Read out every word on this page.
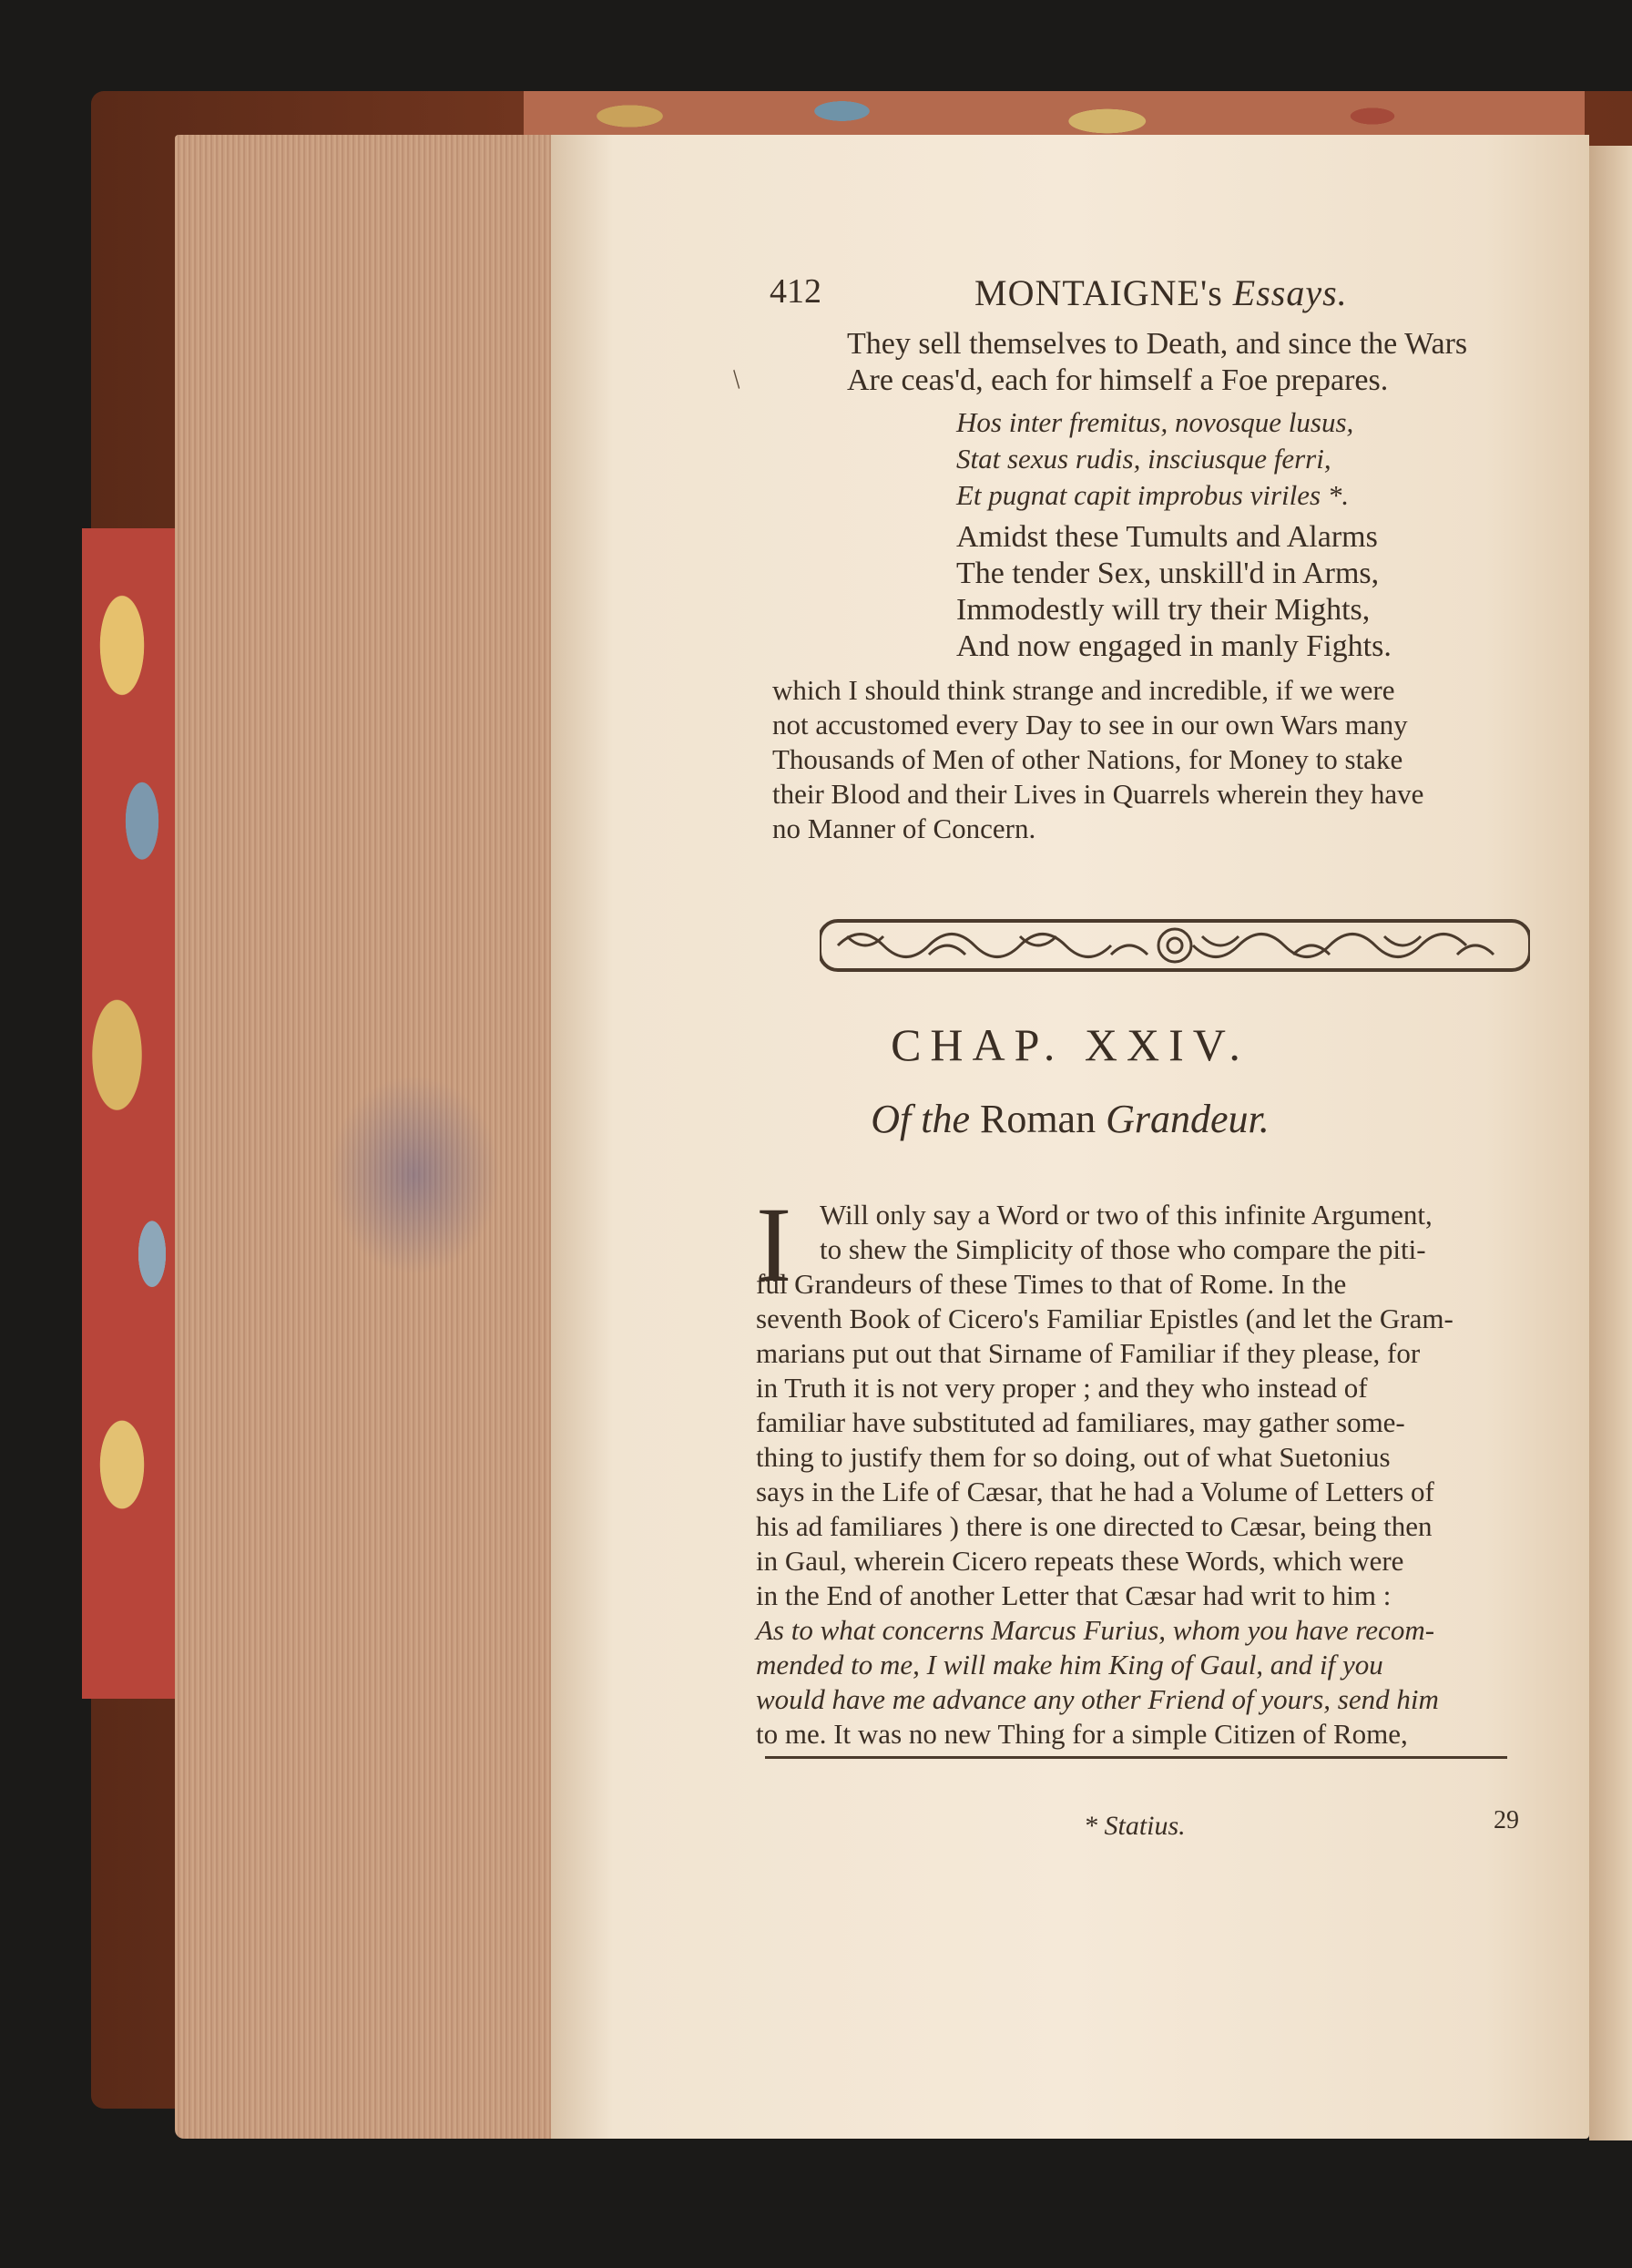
412	MONTAIGNE's Essays.
/
They sell themselves to Death, and since the Wars
Are ceas'd, each for himself a Foe prepares.
Hos inter fremitus, novosque lusus,
Stat sexus rudis, insciusque ferri,
Et pugnat capit improbus viriles *.
Amidst these Tumults and Alarms
The tender Sex, unskill'd in Arms,
Immodestly will try their Mights,
And now engaged in manly Fights.
which I should think strange and incredible, if we were
not accustomed every Day to see in our own Wars many
Thousands of Men of other Nations, for Money to stake
their Blood and their Lives in Quarrels wherein they have
no Manner of Concern.
CHAP. XXIV.
Of the Roman Grandeur.
I Will only say a Word or two of this infinite Argument,
to shew the Simplicity of those who compare the piti-
ful Grandeurs of these Times to that of Rome. In the
seventh Book of Cicero's Familiar Epistles (and let the Gram-
marians put out that Sirname of Familiar if they please, for
in Truth it is not very proper ; and they who instead of
familiar have substituted ad familiares, may gather some-
thing to justify them for so doing, out of what Suetonius
says in the Life of Cæsar, that he had a Volume of Letters of
his ad familiares ) there is one directed to Cæsar, being then
in Gaul, wherein Cicero repeats these Words, which were
in the End of another Letter that Cæsar had writ to him :
As to what concerns Marcus Furius, whom you have recom-
mended to me, I will make him King of Gaul, and if you
would have me advance any other Friend of yours, send him
to me. It was no new Thing for a simple Citizen of Rome,
* Statius.	29
